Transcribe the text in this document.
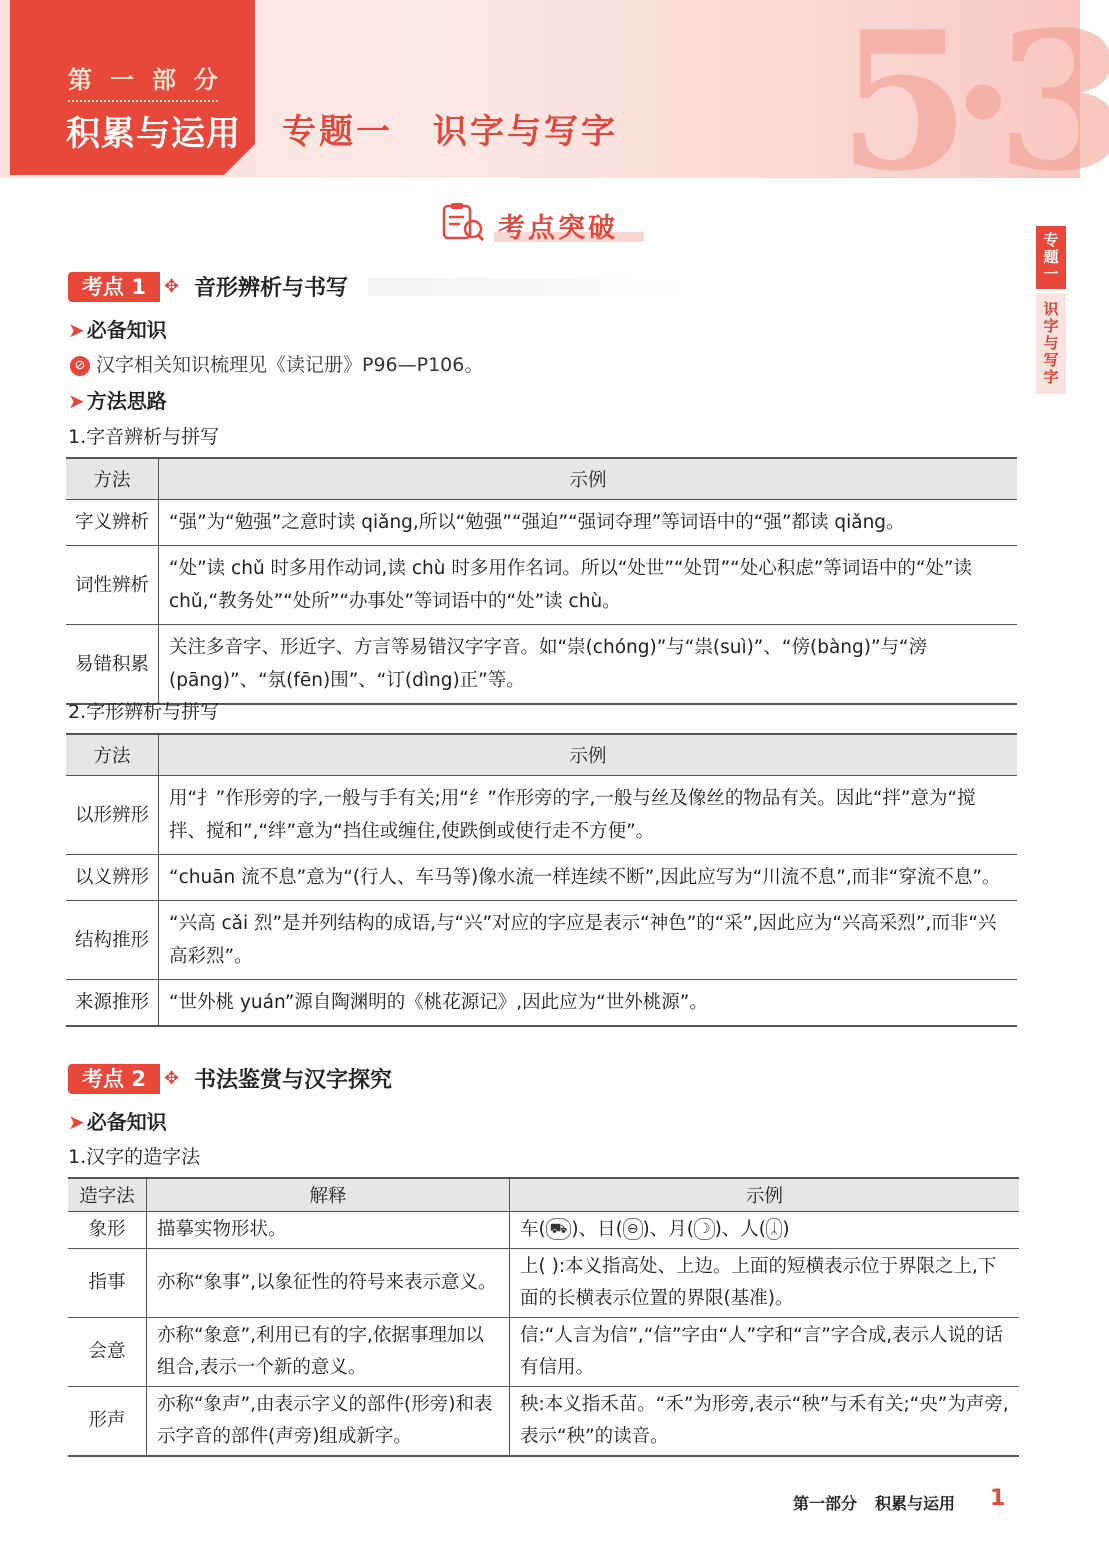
5·3
第一部分
积累与运用 专题一 识字与写字
专
题
一
识
字
与
写
字
考点突破
考点 1	✥ 音形辨析与书写
➤ 必备知识
⊘ 汉字相关知识梳理见《读记册》P96—P106。
➤ 方法思路
1.字音辨析与拼写
方法	示例
字义辨析	“强”为“勉强”之意时读 qiǎng,所以“勉强”“强迫”“强词夺理”等词语中的“强”都读 qiǎng。
词性辨析	“处”读 chǔ 时多用作动词,读 chù 时多用作名词。所以“处世”“处罚”“处心积虑”等词语中的“处”读 chǔ,“教务处”“处所”“办事处”等词语中的“处”读 chù。
易错积累	关注多音字、形近字、方言等易错汉字字音。如“崇(chóng)”与“祟(suì)”、“傍(bàng)”与“滂(pāng)”、“氛(fēn)围”、“订(dìng)正”等。
2.字形辨析与拼写
方法	示例
以形辨形	用“扌”作形旁的字,一般与手有关;用“纟”作形旁的字,一般与丝及像丝的物品有关。因此“拌”意为“搅拌、搅和”,“绊”意为“挡住或缠住,使跌倒或使行走不方便”。
以义辨形	“chuān 流不息”意为“(行人、车马等)像水流一样连续不断”,因此应写为“川流不息”,而非“穿流不息”。
结构推形	“兴高 cǎi 烈”是并列结构的成语,与“兴”对应的字应是表示“神色”的“采”,因此应为“兴高采烈”,而非“兴高彩烈”。
来源推形	“世外桃 yuán”源自陶渊明的《桃花源记》,因此应为“世外桃源”。
考点 2	✥ 书法鉴赏与汉字探究
➤ 必备知识
1.汉字的造字法
造字法	解释	示例
象形	描摹实物形状。	车( ⛟ )、日( ⊖ )、月( ☽ )、人( ᛣ )
指事	亦称“象事”,以象征性的符号来表示意义。	上( ):本义指高处、上边。上面的短横表示位于界限之上,下面的长横表示位置的界限(基准)。
会意	亦称“象意”,利用已有的字,依据事理加以组合,表示一个新的意义。	信:“人言为信”,“信”字由“人”字和“言”字合成,表示人说的话有信用。
形声	亦称“象声”,由表示字义的部件(形旁)和表示字音的部件(声旁)组成新字。	秧:本义指禾苗。“禾”为形旁,表示“秧”与禾有关;“央”为声旁,表示“秧”的读音。
第一部分 积累与运用 1
